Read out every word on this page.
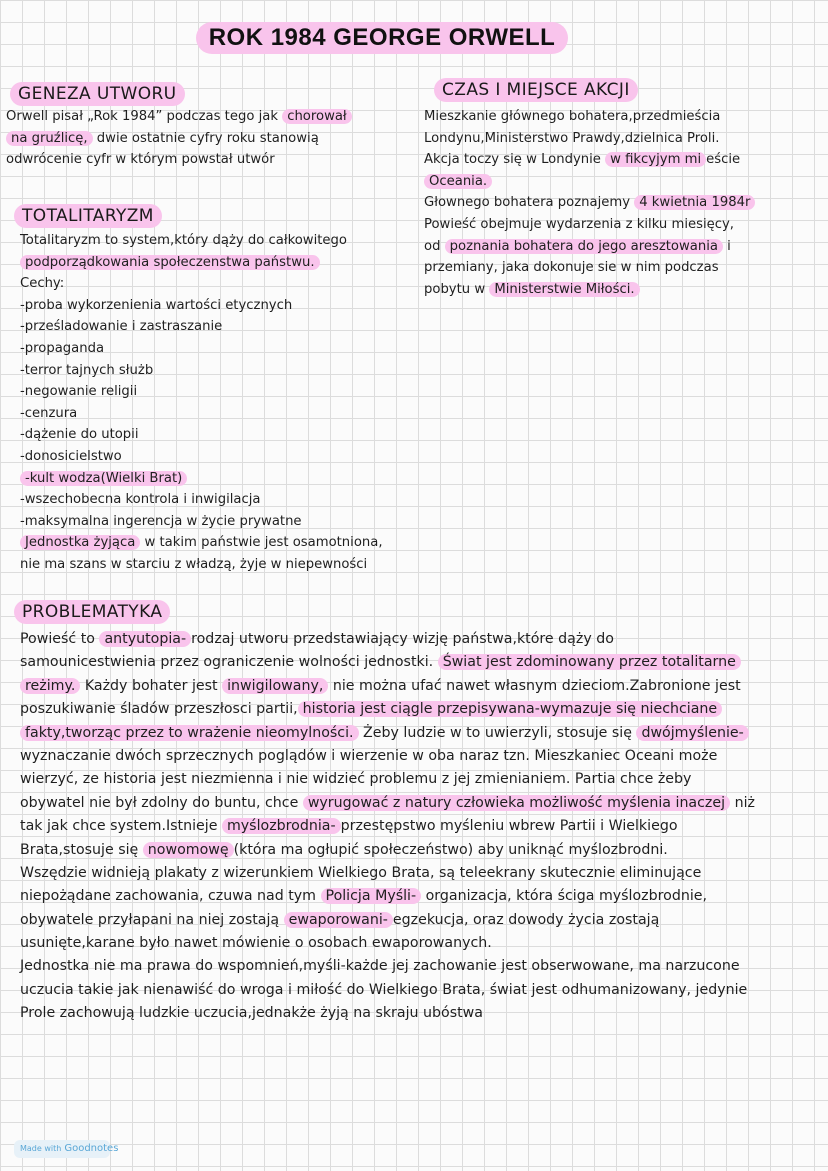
ROK 1984 GEORGE ORWELL
GENEZA UTWORU
Orwell pisał „Rok 1984” podczas tego jak chorował
na gruźlicę, dwie ostatnie cyfry roku stanowią
odwrócenie cyfr w którym powstał utwór
CZAS I MIEJSCE AKCJI
Mieszkanie głównego bohatera,przedmieścia
Londynu,Ministerstwo Prawdy,dzielnica Proli.
Akcja toczy się w Londynie w fikcyjym mi eście
Oceania.
Głownego bohatera poznajemy 4 kwietnia 1984r
Powieść obejmuje wydarzenia z kilku miesięcy,
od poznania bohatera do jego aresztowania i
przemiany, jaka dokonuje sie w nim podczas
pobytu w Ministerstwie Miłości.
TOTALITARYZM
Totalitaryzm to system,który dąży do całkowitego
podporządkowania społeczenstwa państwu.
Cechy:
-proba wykorzenienia wartości etycznych
-prześladowanie i zastraszanie
-propaganda
-terror tajnych służb
-negowanie religii
-cenzura
-dążenie do utopii
-donosicielstwo
-kult wodza(Wielki Brat)
-wszechobecna kontrola i inwigilacja
-maksymalna ingerencja w życie prywatne
Jednostka żyjąca w takim państwie jest osamotniona,
nie ma szans w starciu z władzą, żyje w niepewności
PROBLEMATYKA
Powieść to antyutopia- rodzaj utworu przedstawiający wizję państwa,które dąży do
samounicestwienia przez ograniczenie wolności jednostki. Świat jest zdominowany przez totalitarne
reżimy. Każdy bohater jest inwigilowany, nie można ufać nawet własnym dzieciom.Zabronione jest
poszukiwanie śladów przeszłosci partii, historia jest ciągle przepisywana-wymazuje się niechciane
fakty,tworząc przez to wrażenie nieomylności. Żeby ludzie w to uwierzyli, stosuje się dwójmyślenie-
wyznaczanie dwóch sprzecznych poglądów i wierzenie w oba naraz tzn. Mieszkaniec Oceani może
wierzyć, ze historia jest niezmienna i nie widzieć problemu z jej zmienianiem. Partia chce żeby
obywatel nie był zdolny do buntu, chce wyrugować z natury człowieka możliwość myślenia inaczej niż
tak jak chce system.Istnieje myślozbrodnia- przestępstwo myśleniu wbrew Partii i Wielkiego
Brata,stosuje się nowomowę (która ma ogłupić społeczeństwo) aby uniknąć myślozbrodni.
Wszędzie widnieją plakaty z wizerunkiem Wielkiego Brata, są teleekrany skutecznie eliminujące
niepożądane zachowania, czuwa nad tym Policja Myśli- organizacja, która ściga myślozbrodnie,
obywatele przyłapani na niej zostają ewaporowani- egzekucja, oraz dowody życia zostają
usunięte,karane było nawet mówienie o osobach ewaporowanych.
Jednostka nie ma prawa do wspomnień,myśli-każde jej zachowanie jest obserwowane, ma narzucone
uczucia takie jak nienawiść do wroga i miłość do Wielkiego Brata, świat jest odhumanizowany, jedynie
Prole zachowują ludzkie uczucia,jednakże żyją na skraju ubóstwa
Made with Goodnotes
